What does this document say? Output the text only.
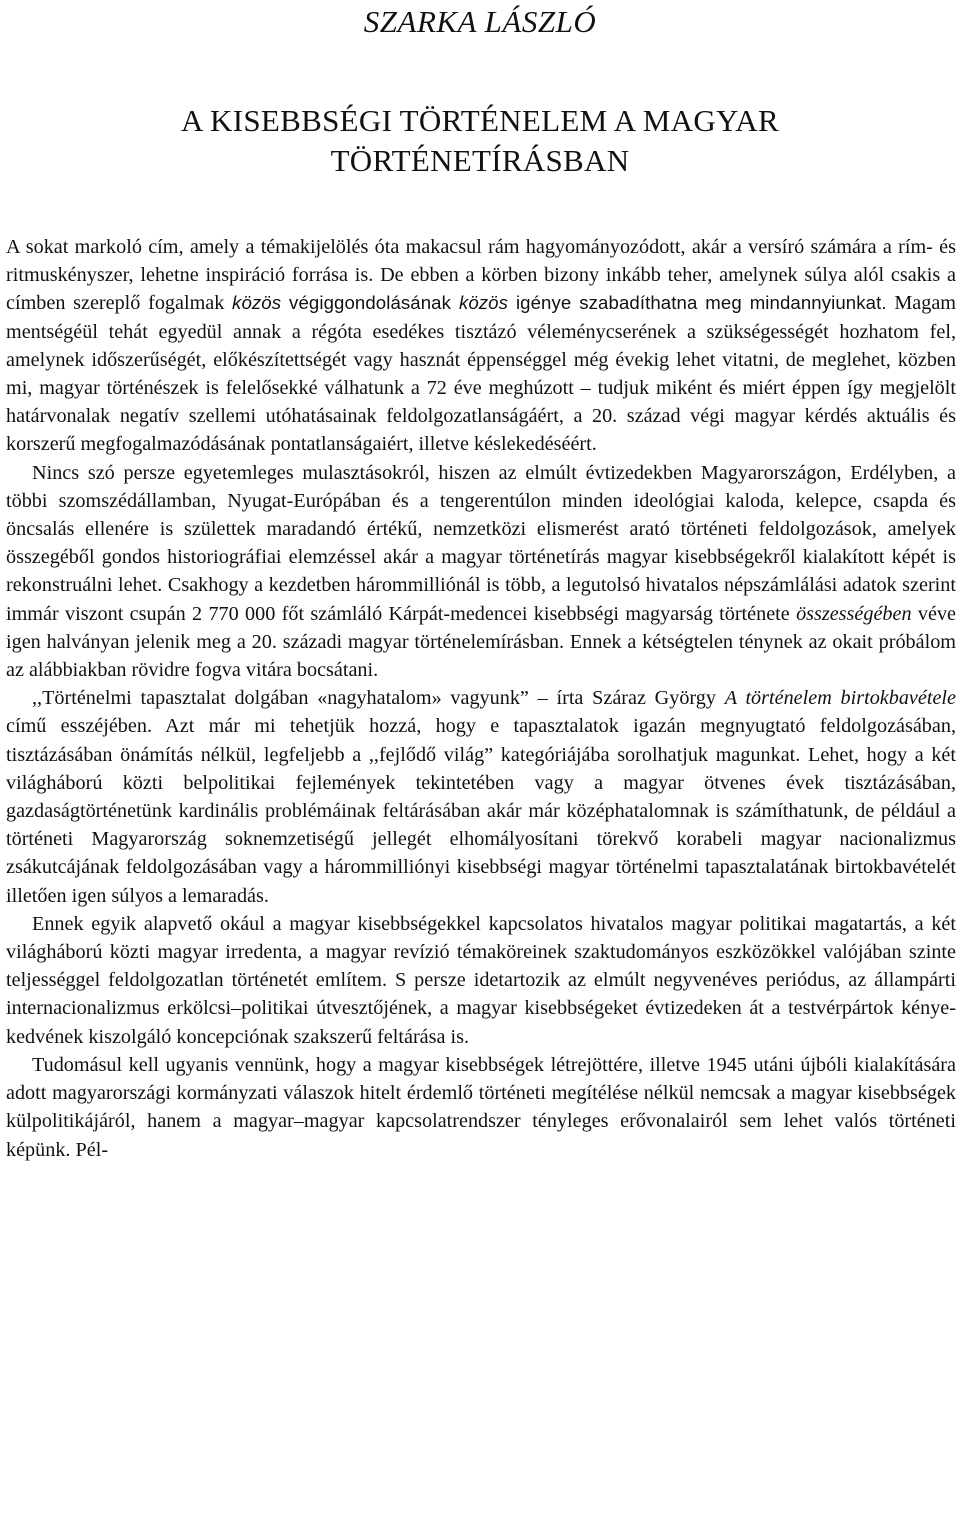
SZARKA LÁSZLÓ
A KISEBBSÉGI TÖRTÉNELEM A MAGYAR
TÖRTÉNETÍRÁSBAN

A sokat markoló cím, amely a témakijelölés óta makacsul rám hagyományozódott, akár a versíró számára a rím- és ritmuskényszer, lehetne inspiráció forrása is. De ebben a körben bizony inkább teher, amelynek súlya alól csakis a címben szereplő fogalmak közös végiggondolásának közös igénye szabadíthatna meg mindannyiunkat. Magam mentségéül tehát egyedül annak a régóta esedékes tisztázó véleménycserének a szükségességét hozhatom fel, amelynek időszerűségét, előkészítettségét vagy hasznát éppenséggel még évekig lehet vitatni, de meglehet, közben mi, magyar történészek is felelősekké válhatunk a 72 éve meghúzott – tudjuk miként és miért éppen így megjelölt határvonalak negatív szellemi utóhatásainak feldolgozatlanságáért, a 20. század végi magyar kérdés aktuális és korszerű megfogalmazódásának pontatlanságaiért, illetve késlekedéséért.

Nincs szó persze egyetemleges mulasztásokról, hiszen az elmúlt évtizedekben Magyarországon, Erdélyben, a többi szomszédállamban, Nyugat-Európában és a tengerentúlon minden ideológiai kaloda, kelepce, csapda és öncsalás ellenére is születtek maradandó értékű, nemzetközi elismerést arató történeti feldolgozások, amelyek összegéből gondos historiográfiai elemzéssel akár a magyar történetírás magyar kisebbségekről kialakított képét is rekonstruálni lehet. Csakhogy a kezdetben hárommilliónál is több, a legutolsó hivatalos népszámlálási adatok szerint immár viszont csupán 2 770 000 főt számláló Kárpát-medencei kisebbségi magyarság története összességében véve igen halványan jelenik meg a 20. századi magyar történelemírásban. Ennek a kétségtelen ténynek az okait próbálom az alábbiakban rövidre fogva vitára bocsátani.

,,Történelmi tapasztalat dolgában «nagyhatalom» vagyunk” – írta Száraz György A történelem birtokbavétele című esszéjében. Azt már mi tehetjük hozzá, hogy e tapasztalatok igazán megnyugtató feldolgozásában, tisztázásában önámítás nélkül, legfeljebb a ,,fejlődő világ” kategóriájába sorolhatjuk magunkat. Lehet, hogy a két világháború közti belpolitikai fejlemények tekintetében vagy a magyar ötvenes évek tisztázásában, gazdaságtörténetünk kardinális problémáinak feltárásában akár már középhatalomnak is számíthatunk, de például a történeti Magyarország soknemzetiségű jellegét elhomályosítani törekvő korabeli magyar nacionalizmus zsákutcájának feldolgozásában vagy a hárommilliónyi kisebbségi magyar történelmi tapasztalatának birtokbavételét illetően igen súlyos a lemaradás.

Ennek egyik alapvető okául a magyar kisebbségekkel kapcsolatos hivatalos magyar politikai magatartás, a két világháború közti magyar irredenta, a magyar revízió témaköreinek szaktudományos eszközökkel valójában szinte teljességgel feldolgozatlan történetét említem. S persze idetartozik az elmúlt negyvenéves periódus, az állampárti internacionalizmus erkölcsi–politikai útvesztőjének, a magyar kisebbségeket évtizedeken át a testvérpártok kénye-kedvének kiszolgáló koncepciónak szakszerű feltárása is.

Tudomásul kell ugyanis vennünk, hogy a magyar kisebbségek létrejöttére, illetve 1945 utáni újbóli kialakítására adott magyarországi kormányzati válaszok hitelt érdemlő történeti megítélése nélkül nemcsak a magyar kisebbségek külpolitikájáról, hanem a magyar–magyar kapcsolatrendszer tényleges erővonalairól sem lehet valós történeti képünk. Pél-
